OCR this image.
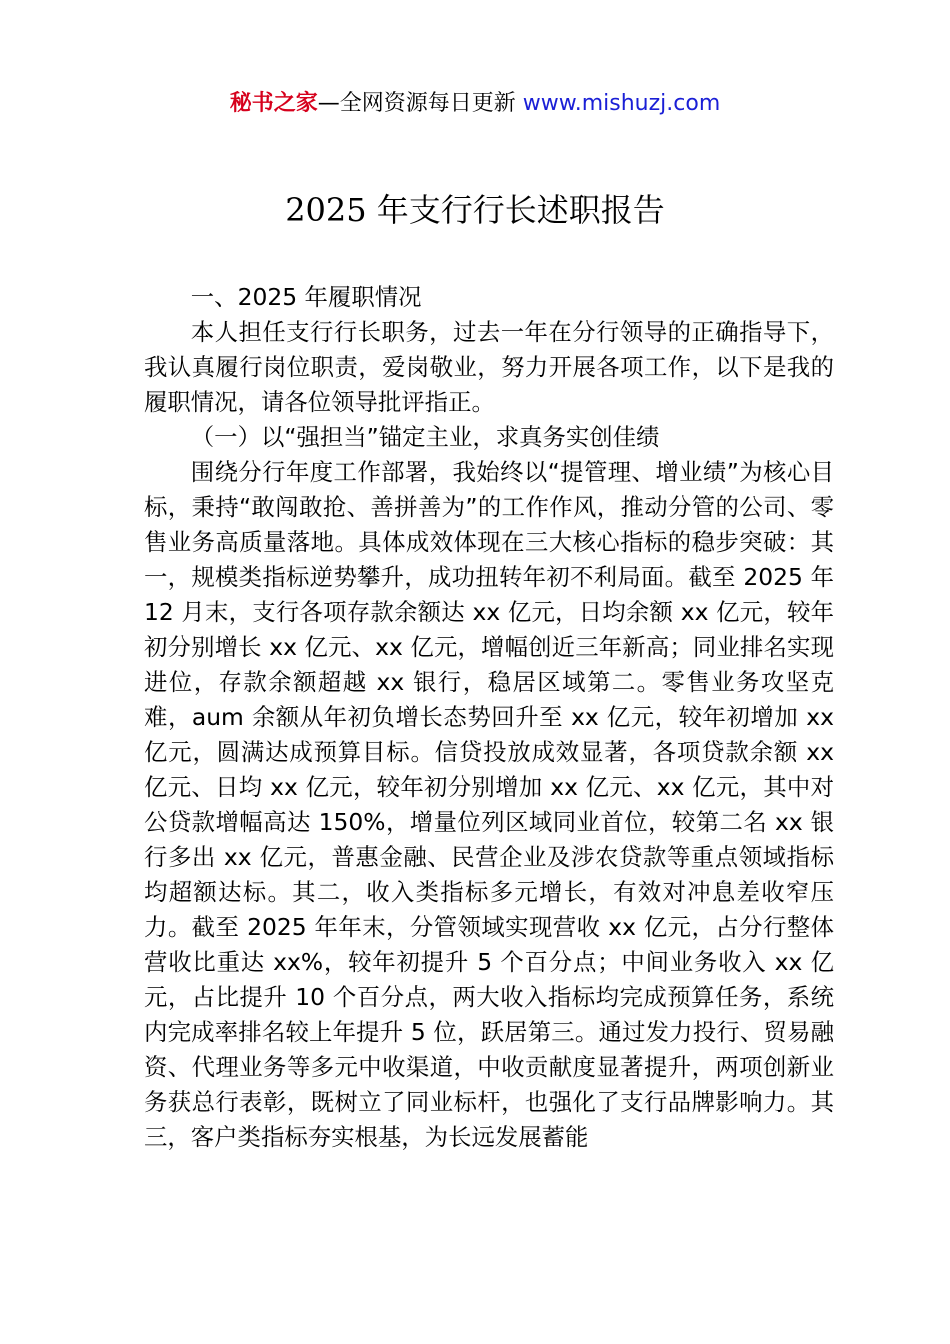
秘书之家—全网资源每日更新 www.mishuzj.com
2025 年支行行长述职报告

一、2025 年履职情况

本人担任支行行长职务，过去一年在分行领导的正确指导下，我认真履行岗位职责，爱岗敬业，努力开展各项工作，以下是我的履职情况，请各位领导批评指正。

（一）以“强担当”锚定主业，求真务实创佳绩

围绕分行年度工作部署，我始终以“提管理、增业绩”为核心目标，秉持“敢闯敢抢、善拼善为”的工作作风，推动分管的公司、零售业务高质量落地。具体成效体现在三大核心指标的稳步突破：其一，规模类指标逆势攀升，成功扭转年初不利局面。截至 2025 年 12 月末，支行各项存款余额达 xx 亿元，日均余额 xx 亿元，较年初分别增长 xx 亿元、xx 亿元，增幅创近三年新高；同业排名实现进位，存款余额超越 xx 银行，稳居区域第二。零售业务攻坚克难，aum 余额从年初负增长态势回升至 xx 亿元，较年初增加 xx 亿元，圆满达成预算目标。信贷投放成效显著，各项贷款余额 xx 亿元、日均 xx 亿元，较年初分别增加 xx 亿元、xx 亿元，其中对公贷款增幅高达 150%，增量位列区域同业首位，较第二名 xx 银行多出 xx 亿元，普惠金融、民营企业及涉农贷款等重点领域指标均超额达标。其二，收入类指标多元增长，有效对冲息差收窄压力。截至 2025 年年末，分管领域实现营收 xx 亿元，占分行整体营收比重达 xx%，较年初提升 5 个百分点；中间业务收入 xx 亿元，占比提升 10 个百分点，两大收入指标均完成预算任务，系统内完成率排名较上年提升 5 位，跃居第三。通过发力投行、贸易融资、代理业务等多元中收渠道，中收贡献度显著提升，两项创新业务获总行表彰，既树立了同业标杆，也强化了支行品牌影响力。其三，客户类指标夯实根基，为长远发展蓄能
